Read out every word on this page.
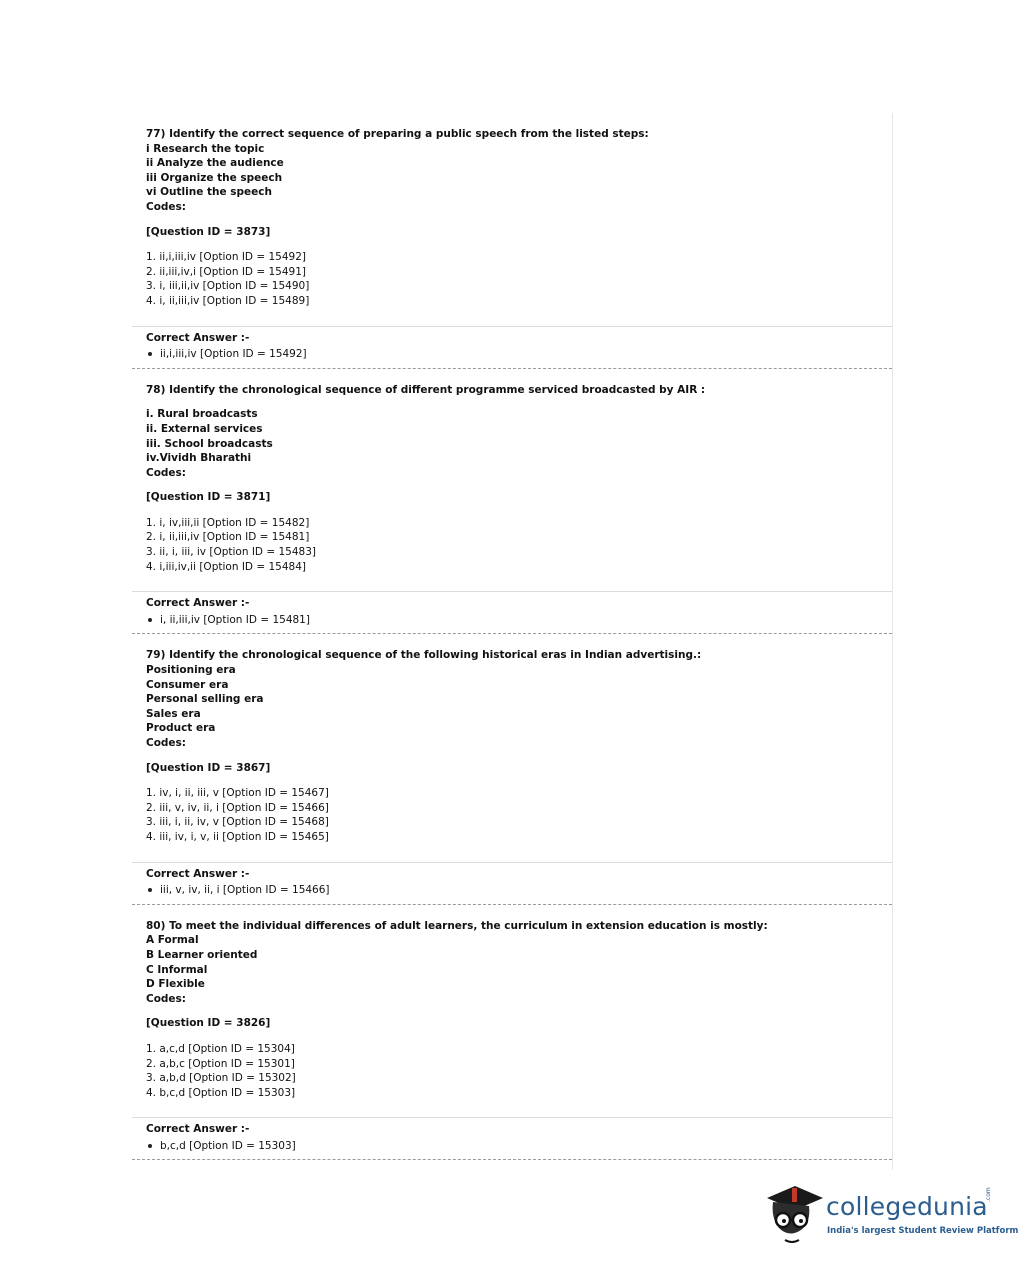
77) Identify the correct sequence of preparing a public speech from the listed steps:

i Research the topic

ii Analyze the audience

iii Organize the speech

vi Outline the speech

Codes:

[Question ID = 3873]

1. ii,i,iii,iv [Option ID = 15492]

2. ii,iii,iv,i [Option ID = 15491]

3. i, iii,ii,iv [Option ID = 15490]

4. i, ii,iii,iv [Option ID = 15489]

Correct Answer :-

ii,i,iii,iv [Option ID = 15492]

78) Identify the chronological sequence of different programme serviced broadcasted by AIR :

i. Rural broadcasts

ii. External services

iii. School broadcasts

iv.Vividh Bharathi

Codes:

[Question ID = 3871]

1. i, iv,iii,ii [Option ID = 15482]

2. i, ii,iii,iv [Option ID = 15481]

3. ii, i, iii, iv [Option ID = 15483]

4. i,iii,iv,ii [Option ID = 15484]

Correct Answer :-

i, ii,iii,iv [Option ID = 15481]

79) Identify the chronological sequence of the following historical eras in Indian advertising.:

Positioning era

Consumer era

Personal selling era

Sales era

Product era

Codes:

[Question ID = 3867]

1. iv, i, ii, iii, v [Option ID = 15467]

2. iii, v, iv, ii, i [Option ID = 15466]

3. iii, i, ii, iv, v [Option ID = 15468]

4. iii, iv, i, v, ii [Option ID = 15465]

Correct Answer :-

iii, v, iv, ii, i [Option ID = 15466]

80) To meet the individual differences of adult learners, the curriculum in extension education is mostly:

A Formal

B Learner oriented

C Informal

D Flexible

Codes:

[Question ID = 3826]

1. a,c,d [Option ID = 15304]

2. a,b,c [Option ID = 15301]

3. a,b,d [Option ID = 15302]

4. b,c,d [Option ID = 15303]

Correct Answer :-

b,c,d [Option ID = 15303]

collegedunia
.com
India's largest Student Review Platform
